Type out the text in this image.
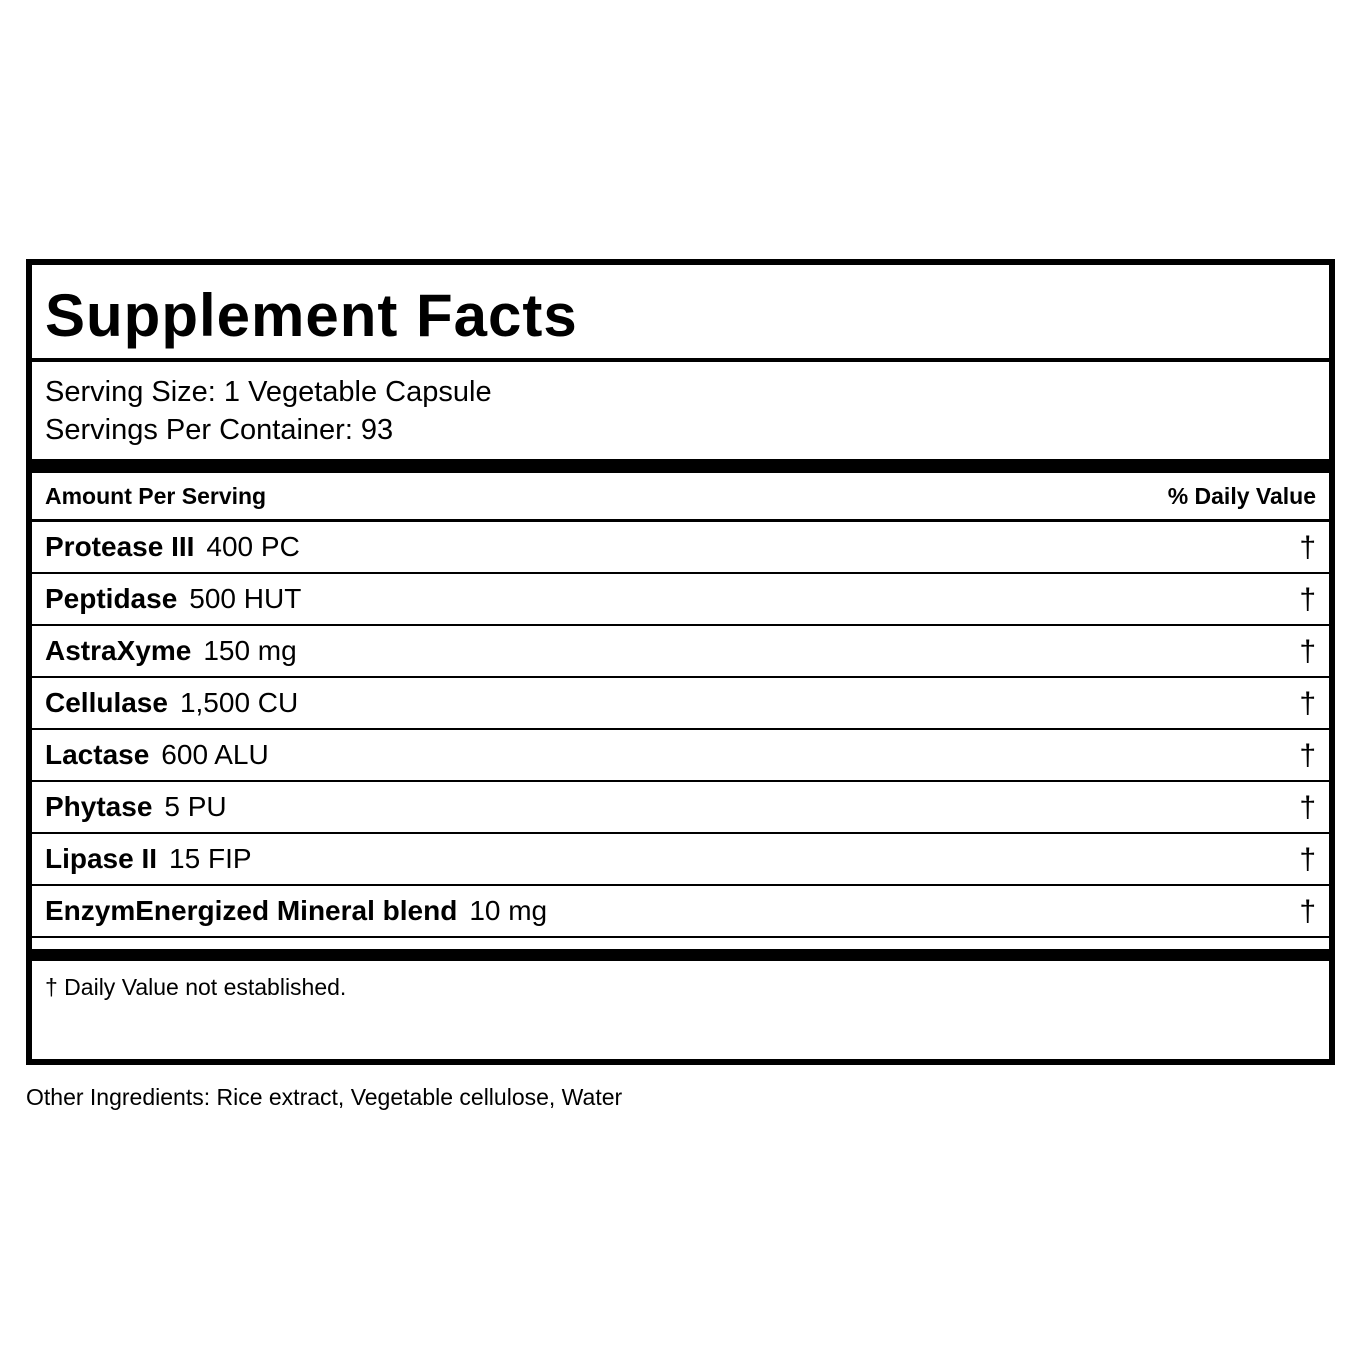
Supplement Facts
Serving Size: 1 Vegetable Capsule
Servings Per Container: 93
Amount Per Serving	% Daily Value
Protease III 400 PC	†
Peptidase 500 HUT	†
AstraXyme 150 mg	†
Cellulase 1,500 CU	†
Lactase 600 ALU	†
Phytase 5 PU	†
Lipase II 15 FIP	†
EnzymEnergized Mineral blend 10 mg	†
† Daily Value not established.
Other Ingredients: Rice extract, Vegetable cellulose, Water
